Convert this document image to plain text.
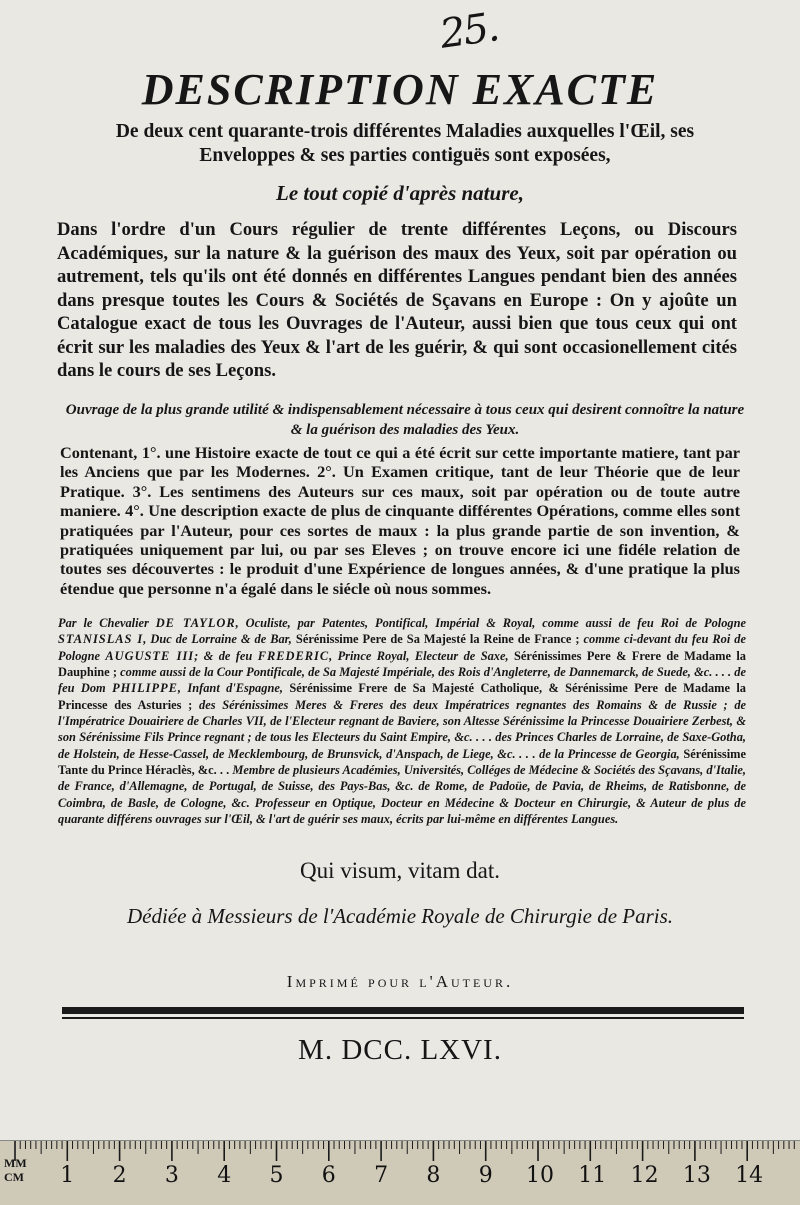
25.
DESCRIPTION EXACTE
De deux cent quarante-trois différentes Maladies auxquelles l'Œil, ses Enveloppes & ses parties contiguës sont exposées,
Le tout copié d'après nature,
Dans l'ordre d'un Cours régulier de trente différentes Leçons, ou Discours Académiques, sur la nature & la guérison des maux des Yeux, soit par opération ou autrement, tels qu'ils ont été donnés en différentes Langues pendant bien des années dans presque toutes les Cours & Sociétés de Sçavans en Europe : On y ajoûte un Catalogue exact de tous les Ouvrages de l'Auteur, aussi bien que tous ceux qui ont écrit sur les maladies des Yeux & l'art de les guérir, & qui sont occasionellement cités dans le cours de ses Leçons.
Ouvrage de la plus grande utilité & indispensablement nécessaire à tous ceux qui desirent connoître la nature & la guérison des maladies des Yeux.
Contenant, 1°. une Histoire exacte de tout ce qui a été écrit sur cette importante matiere, tant par les Anciens que par les Modernes. 2°. Un Examen critique, tant de leur Théorie que de leur Pratique. 3°. Les sentimens des Auteurs sur ces maux, soit par opération ou de toute autre maniere. 4°. Une description exacte de plus de cinquante différentes Opérations, comme elles sont pratiquées par l'Auteur, pour ces sortes de maux : la plus grande partie de son invention, & pratiquées uniquement par lui, ou par ses Eleves ; on trouve encore ici une fidéle relation de toutes ses découvertes : le produit d'une Expérience de longues années, & d'une pratique la plus étendue que personne n'a égalé dans le siécle où nous sommes.
Par le Chevalier DE TAYLOR, Oculiste, par Patentes, Pontifical, Impérial & Royal, comme aussi de feu Roi de Pologne STANISLAS I, Duc de Lorraine & de Bar, Sérénissime Pere de Sa Majesté la Reine de France ; comme ci-devant du feu Roi de Pologne AUGUSTE III; & de feu FREDERIC, Prince Royal, Electeur de Saxe, Sérénissimes Pere & Frere de Madame la Dauphine ; comme aussi de la Cour Pontificale, de Sa Majesté Impériale, des Rois d'Angleterre, de Dannemarck, de Suede, &c. . . . de feu Dom PHILIPPE, Infant d'Espagne, Sérénissime Frere de Sa Majesté Catholique, & Sérénissime Pere de Madame la Princesse des Asturies ; des Sérénissimes Meres & Freres des deux Impératrices regnantes des Romains & de Russie ; de l'Impératrice Douairiere de Charles VII, de l'Electeur regnant de Baviere, son Altesse Sérénissime la Princesse Douairiere Zerbest, & son Sérénissime Fils Prince regnant ; de tous les Electeurs du Saint Empire, &c. . . . des Princes Charles de Lorraine, de Saxe-Gotha, de Holstein, de Hesse-Cassel, de Mecklembourg, de Brunsvick, d'Anspach, de Liege, &c. . . . de la Princesse de Georgia, Sérénissime Tante du Prince Héraclès, &c. . . Membre de plusieurs Académies, Universités, Colléges de Médecine & Sociétés des Sçavans, d'Italie, de France, d'Allemagne, de Portugal, de Suisse, des Pays-Bas, &c. de Rome, de Padoüe, de Pavia, de Rheims, de Ratisbonne, de Coimbra, de Basle, de Cologne, &c. Professeur en Optique, Docteur en Médecine & Docteur en Chirurgie, & Auteur de plus de quarante différens ouvrages sur l'Œil, & l'art de guérir ses maux, écrits par lui-même en différentes Langues.
Qui visum, vitam dat.
Dédiée à Messieurs de l'Académie Royale de Chirurgie de Paris.
Imprimé pour l'Auteur.
M. DCC. LXVI.
MM
CM 1 2 3 4 5 6 7 8 9 10 11 12 13 14
